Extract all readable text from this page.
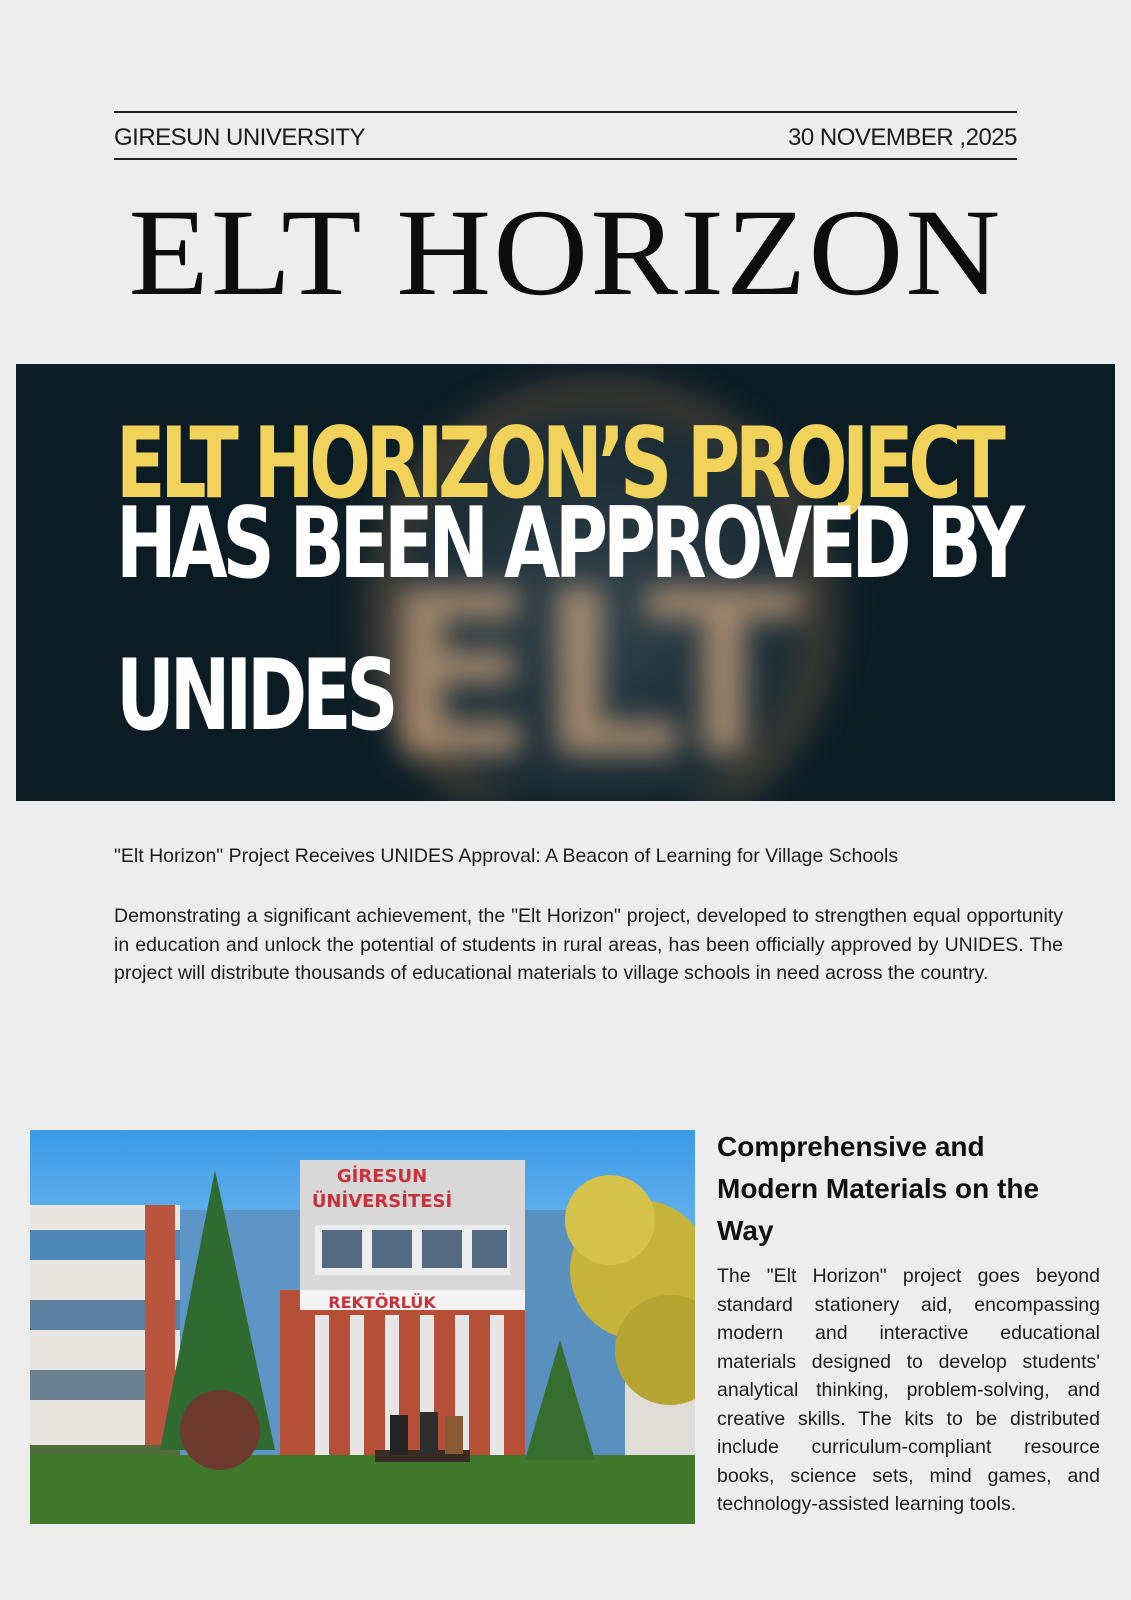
GIRESUN UNIVERSITY	30 NOVEMBER ,2025
ELT HORIZON
ELT
ELT HORIZON’S PROJECT
HAS BEEN APPROVED BY
UNIDES
"Elt Horizon" Project Receives UNIDES Approval: A Beacon of Learning for Village Schools

Demonstrating a significant achievement, the "Elt Horizon" project, developed to strengthen equal opportunity in education and unlock the potential of students in rural areas, has been officially approved by UNIDES. The project will distribute thousands of educational materials to village schools in need across the country.

GİRESUN
ÜNİVERSİTESİ
REKTÖRLÜK
Comprehensive and Modern Materials on the Way

The "Elt Horizon" project goes beyond standard stationery aid, encompassing modern and interactive educational materials designed to develop students' analytical thinking, problem-solving, and creative skills. The kits to be distributed include curriculum-compliant resource books, science sets, mind games, and technology-assisted learning tools.
